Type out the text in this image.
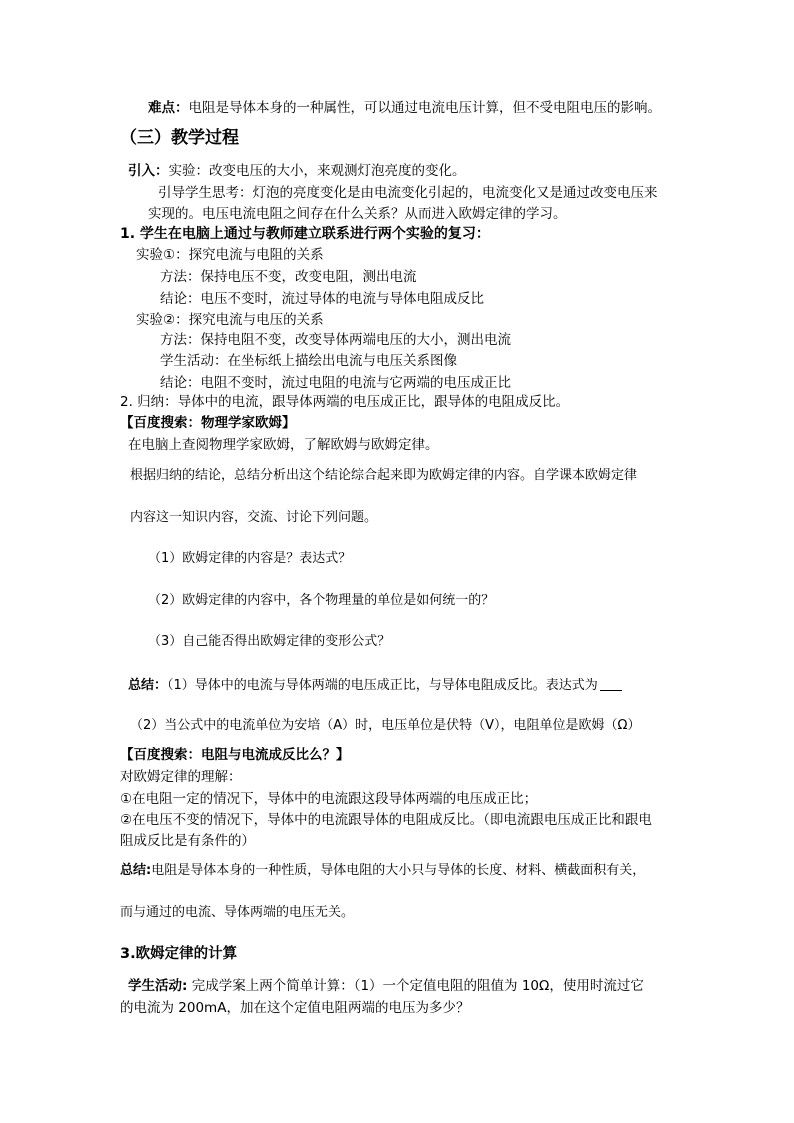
难点：电阻是导体本身的一种属性，可以通过电流电压计算，但不受电阻电压的影响。
（三）教学过程
引入：实验：改变电压的大小，来观测灯泡亮度的变化。
引导学生思考：灯泡的亮度变化是由电流变化引起的，电流变化又是通过改变电压来
实现的。电压电流电阻之间存在什么关系？从而进入欧姆定律的学习。
1. 学生在电脑上通过与教师建立联系进行两个实验的复习：
实验①：探究电流与电阻的关系
方法：保持电压不变，改变电阻，测出电流
结论：电压不变时，流过导体的电流与导体电阻成反比
实验②：探究电流与电压的关系
方法：保持电阻不变，改变导体两端电压的大小，测出电流
学生活动：在坐标纸上描绘出电流与电压关系图像
结论：电阻不变时，流过电阻的电流与它两端的电压成正比
2. 归纳：导体中的电流，跟导体两端的电压成正比，跟导体的电阻成反比。
【百度搜索：物理学家欧姆】
在电脑上查阅物理学家欧姆，了解欧姆与欧姆定律。
根据归纳的结论，总结分析出这个结论综合起来即为欧姆定律的内容。自学课本欧姆定律
内容这一知识内容，交流、讨论下列问题。
（1）欧姆定律的内容是？表达式？
（2）欧姆定律的内容中，各个物理量的单位是如何统一的？
（3）自己能否得出欧姆定律的变形公式？
总结：（1）导体中的电流与导体两端的电压成正比，与导体电阻成反比。表达式为
（2）当公式中的电流单位为安培（A）时，电压单位是伏特（V），电阻单位是欧姆（Ω）
【百度搜索：电阻与电流成反比么？】
对欧姆定律的理解：
①在电阻一定的情况下，导体中的电流跟这段导体两端的电压成正比；
②在电压不变的情况下，导体中的电流跟导体的电阻成反比。（即电流跟电压成正比和跟电
阻成反比是有条件的）
总结:电阻是导体本身的一种性质，导体电阻的大小只与导体的长度、材料、横截面积有关，
而与通过的电流、导体两端的电压无关。
3.欧姆定律的计算
学生活动: 完成学案上两个简单计算：（1）一个定值电阻的阻值为 10Ω，使用时流过它
的电流为 200mA，加在这个定值电阻两端的电压为多少？
